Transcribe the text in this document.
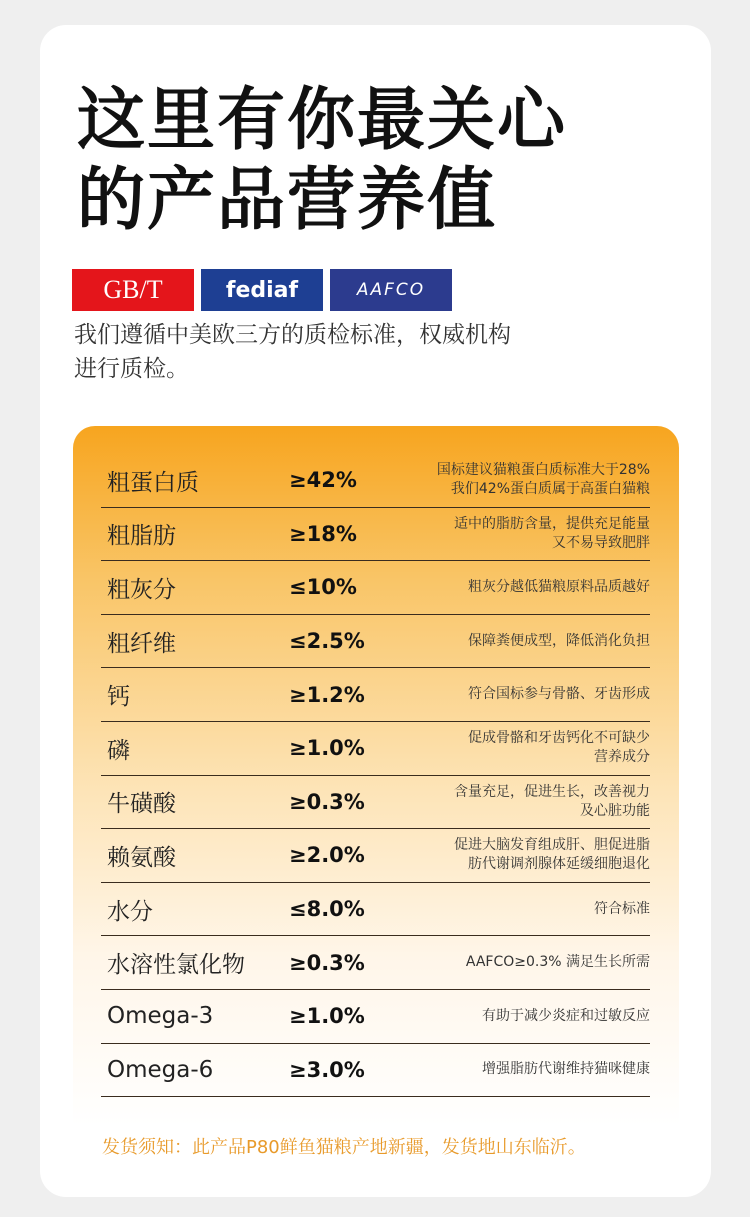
这里有你最关心
的产品营养值
GB/T	fediaf	AAFCO
我们遵循中美欧三方的质检标准，权威机构
进行质检。
粗蛋白质	≥42%	国标建议猫粮蛋白质标准大于28%
我们42%蛋白质属于高蛋白猫粮
粗脂肪	≥18%	适中的脂肪含量，提供充足能量
又不易导致肥胖
粗灰分	≤10%	粗灰分越低猫粮原料品质越好
粗纤维	≤2.5%	保障粪便成型，降低消化负担
钙	≥1.2%	符合国标参与骨骼、牙齿形成
磷	≥1.0%	促成骨骼和牙齿钙化不可缺少
营养成分
牛磺酸	≥0.3%	含量充足，促进生长，改善视力
及心脏功能
赖氨酸	≥2.0%	促进大脑发育组成肝、胆促进脂
肪代谢调剂腺体延缓细胞退化
水分	≤8.0%	符合标准
水溶性氯化物 ≥0.3%	AAFCO≥0.3% 满足生长所需
Omega-3	≥1.0%	有助于减少炎症和过敏反应
Omega-6	≥3.0%	增强脂肪代谢维持猫咪健康
发货须知：此产品P80鲜鱼猫粮产地新疆，发货地山东临沂。
